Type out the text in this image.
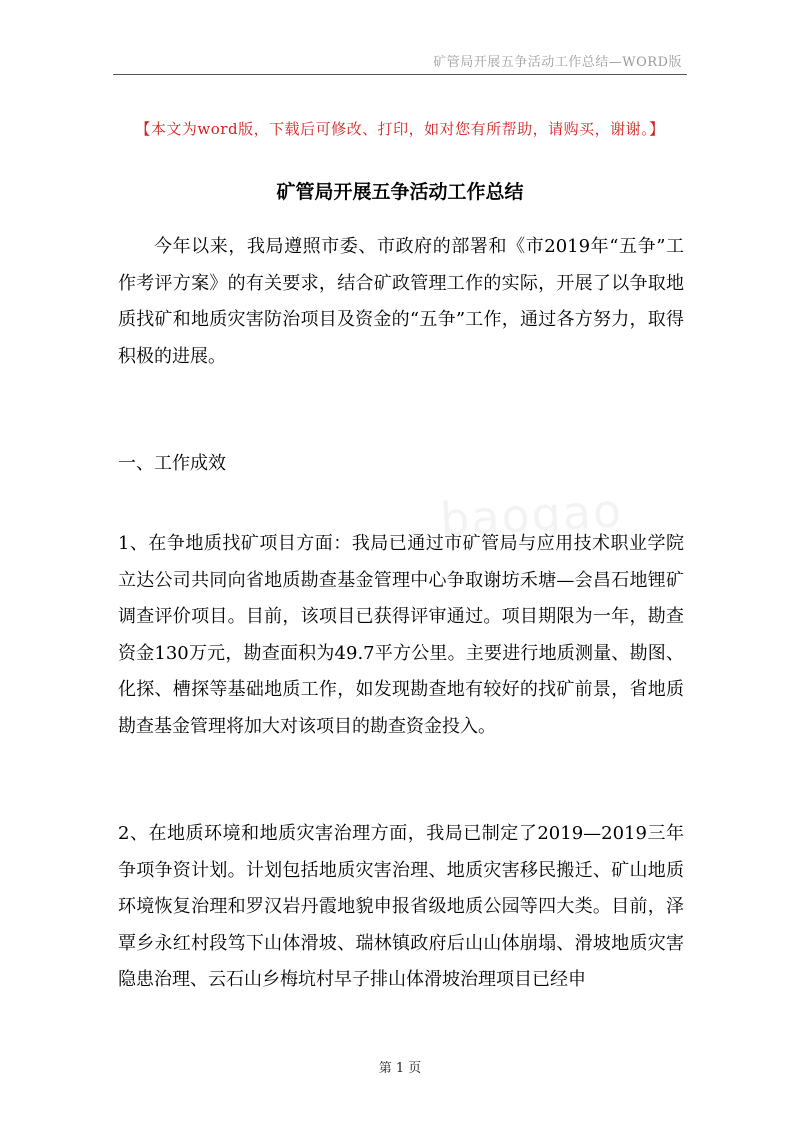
矿管局开展五争活动工作总结—WORD版
【本文为word版，下载后可修改、打印，如对您有所帮助，请购买，谢谢。】
矿管局开展五争活动工作总结

今年以来，我局遵照市委、市政府的部署和《市2019年“五争”工作考评方案》的有关要求，结合矿政管理工作的实际，开展了以争取地质找矿和地质灾害防治项目及资金的“五争”工作，通过各方努力，取得积极的进展。

一、工作成效

1、在争地质找矿项目方面：我局已通过市矿管局与应用技术职业学院立达公司共同向省地质勘查基金管理中心争取谢坊禾塘—会昌石地锂矿调查评价项目。目前，该项目已获得评审通过。项目期限为一年，勘查资金130万元，勘查面积为49.7平方公里。主要进行地质测量、勘图、化探、槽探等基础地质工作，如发现勘查地有较好的找矿前景，省地质勘查基金管理将加大对该项目的勘查资金投入。

2、在地质环境和地质灾害治理方面，我局已制定了2019—2019三年争项争资计划。计划包括地质灾害治理、地质灾害移民搬迁、矿山地质环境恢复治理和罗汉岩丹霞地貌申报省级地质公园等四大类。目前，泽覃乡永红村段笃下山体滑坡、瑞林镇政府后山山体崩塌、滑坡地质灾害隐患治理、云石山乡梅坑村早子排山体滑坡治理项目已经申

第 1 页
